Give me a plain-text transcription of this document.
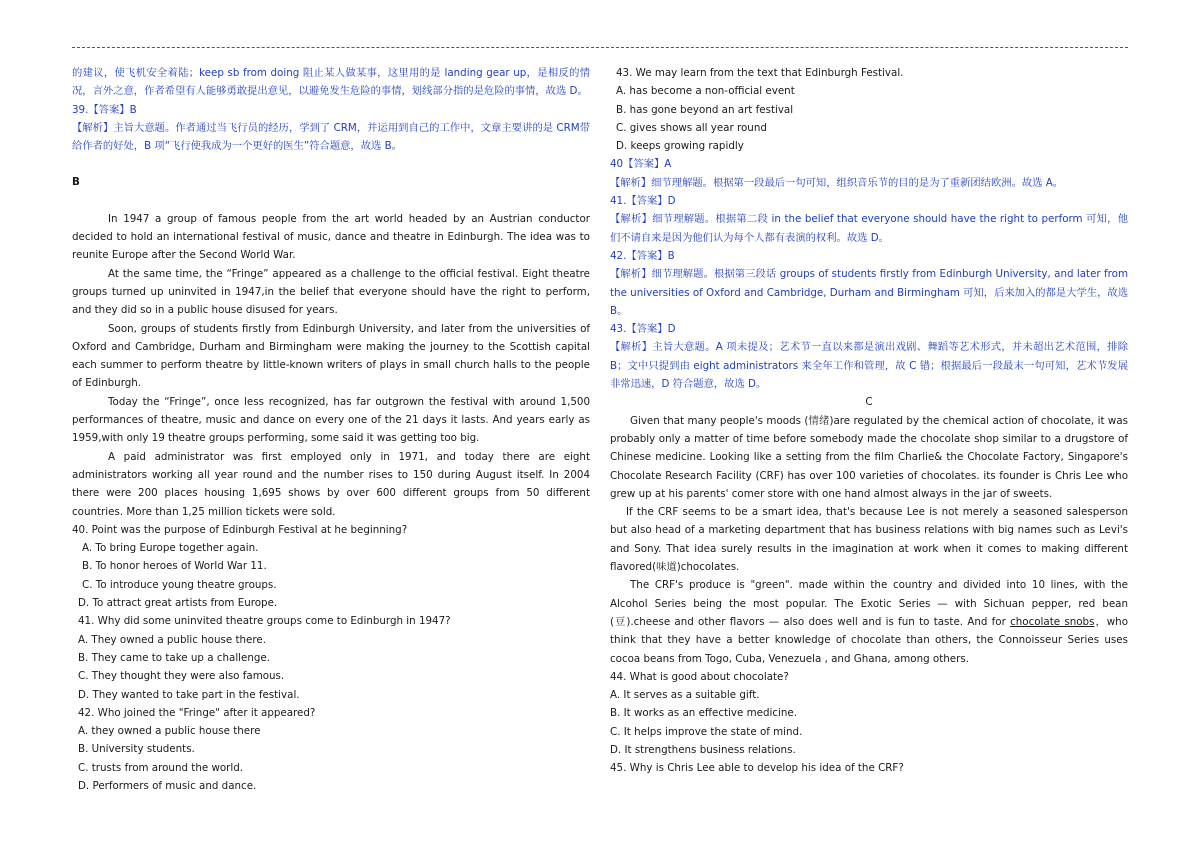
的建议，使飞机安全着陆；keep sb from doing 阻止某人做某事，这里用的是 landing gear up，是相反的情况，言外之意，作者希望有人能够勇敢提出意见，以避免发生危险的事情，划线部分指的是危险的事情，故选 D。

39.【答案】B

【解析】主旨大意题。作者通过当飞行员的经历，学到了 CRM，并运用到自己的工作中，文章主要讲的是 CRM带给作者的好处，B 项“飞行使我成为一个更好的医生”符合题意，故选 B。

B

In 1947 a group of famous people from the art world headed by an Austrian conductor decided to hold an international festival of music, dance and theatre in Edinburgh. The idea was to reunite Europe after the Second World War.

At the same time, the “Fringe” appeared as a challenge to the official festival. Eight theatre groups turned up uninvited in 1947,in the belief that everyone should have the right to perform, and they did so in a public house disused for years.

Soon, groups of students firstly from Edinburgh University, and later from the universities of Oxford and Cambridge, Durham and Birmingham were making the journey to the Scottish capital each summer to perform theatre by little-known writers of plays in small church halls to the people of Edinburgh.

Today the “Fringe”, once less recognized, has far outgrown the festival with around 1,500 performances of theatre, music and dance on every one of the 21 days it lasts. And years early as 1959,with only 19 theatre groups performing, some said it was getting too big.

A paid administrator was first employed only in 1971, and today there are eight administrators working all year round and the number rises to 150 during August itself. In 2004 there were 200 places housing 1,695 shows by over 600 different groups from 50 different countries. More than 1,25 million tickets were sold.

40. Point was the purpose of Edinburgh Festival at he beginning?

A. To bring Europe together again.

B. To honor heroes of World War 11.

C. To introduce young theatre groups.

D. To attract great artists from Europe.

41. Why did some uninvited theatre groups come to Edinburgh in 1947?

A. They owned a public house there.

B. They came to take up a challenge.

C. They thought they were also famous.

D. They wanted to take part in the festival.

42. Who joined the "Fringe" after it appeared?

A. they owned a public house there

B. University students.

C. trusts from around the world.

D. Performers of music and dance.

43. We may learn from the text that Edinburgh Festival.

A. has become a non-official event

B. has gone beyond an art festival

C. gives shows all year round

D. keeps growing rapidly

40【答案】A

【解析】细节理解题。根据第一段最后一句可知，组织音乐节的目的是为了重新团结欧洲。故选 A。

41.【答案】D

【解析】细节理解题。根据第二段 in the belief that everyone should have the right to perform 可知，他们不请自来是因为他们认为每个人都有表演的权利。故选 D。

42.【答案】B

【解析】细节理解题。根据第三段话 groups of students firstly from Edinburgh University, and later from the universities of Oxford and Cambridge, Durham and Birmingham 可知，后来加入的都是大学生，故选 B。

43.【答案】D

【解析】主旨大意题。A 项未提及；艺术节一直以来都是演出戏剧、舞蹈等艺术形式，并未超出艺术范围，排除 B；文中只提到由 eight administrators 来全年工作和管理，故 C 错；根据最后一段最末一句可知，艺术节发展非常迅速，D 符合题意，故选 D。

C

Given that many people's moods (情绪)are regulated by the chemical action of chocolate, it was probably only a matter of time before somebody made the chocolate shop similar to a drugstore of Chinese medicine. Looking like a setting from the film Charlie& the Chocolate Factory, Singapore's Chocolate Research Facility (CRF) has over 100 varieties of chocolates. its founder is Chris Lee who grew up at his parents' comer store with one hand almost always in the jar of sweets.

If the CRF seems to be a smart idea, that's because Lee is not merely a seasoned salesperson but also head of a marketing department that has business relations with big names such as Levi's and Sony. That idea surely results in the imagination at work when it comes to making different flavored(味道)chocolates.

The CRF's produce is "green". made within the country and divided into 10 lines, with the Alcohol Series being the most popular. The Exotic Series — with Sichuan pepper, red bean (豆).cheese and other flavors — also does well and is fun to taste. And for chocolate snobs，who think that they have a better knowledge of chocolate than others, the Connoisseur Series uses cocoa beans from Togo, Cuba, Venezuela , and Ghana, among others.

44. What is good about chocolate?

A. It serves as a suitable gift.

B. It works as an effective medicine.

C. It helps improve the state of mind.

D. It strengthens business relations.

45. Why is Chris Lee able to develop his idea of the CRF?
